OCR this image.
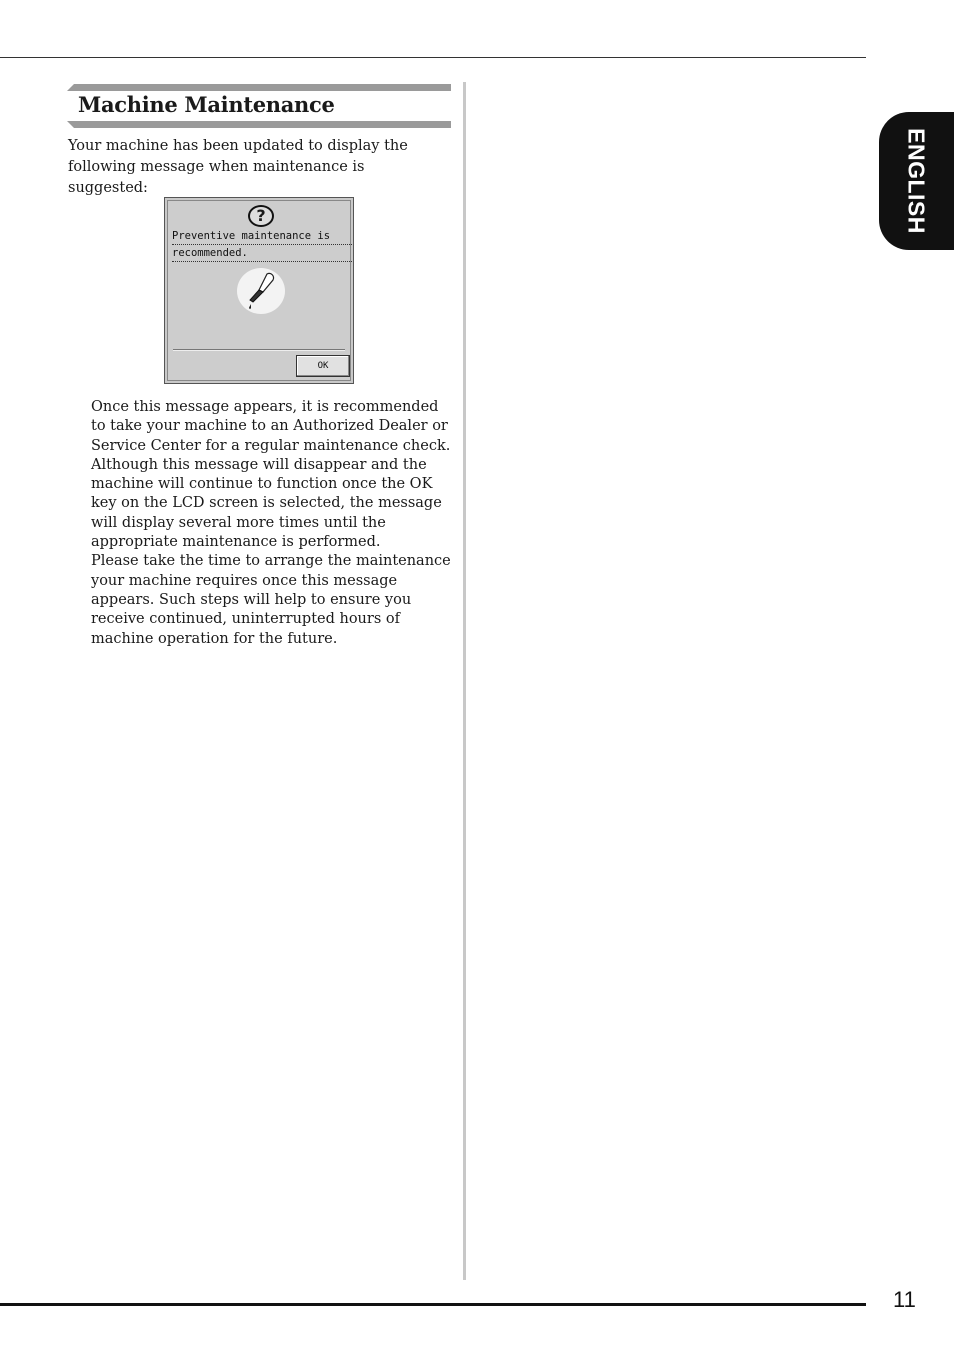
ENGLISH
Machine Maintenance

Your machine has been updated to display the following message when maintenance is suggested:

?
Preventive maintenance is
recommended.
OK

Once this message appears, it is recommended to take your machine to an Authorized Dealer or Service Center for a regular maintenance check. Although this message will disappear and the machine will continue to function once the OK key on the LCD screen is selected, the message will display several more times until the appropriate maintenance is performed.

Please take the time to arrange the maintenance your machine requires once this message appears. Such steps will help to ensure you receive continued, uninterrupted hours of machine operation for the future.

11
